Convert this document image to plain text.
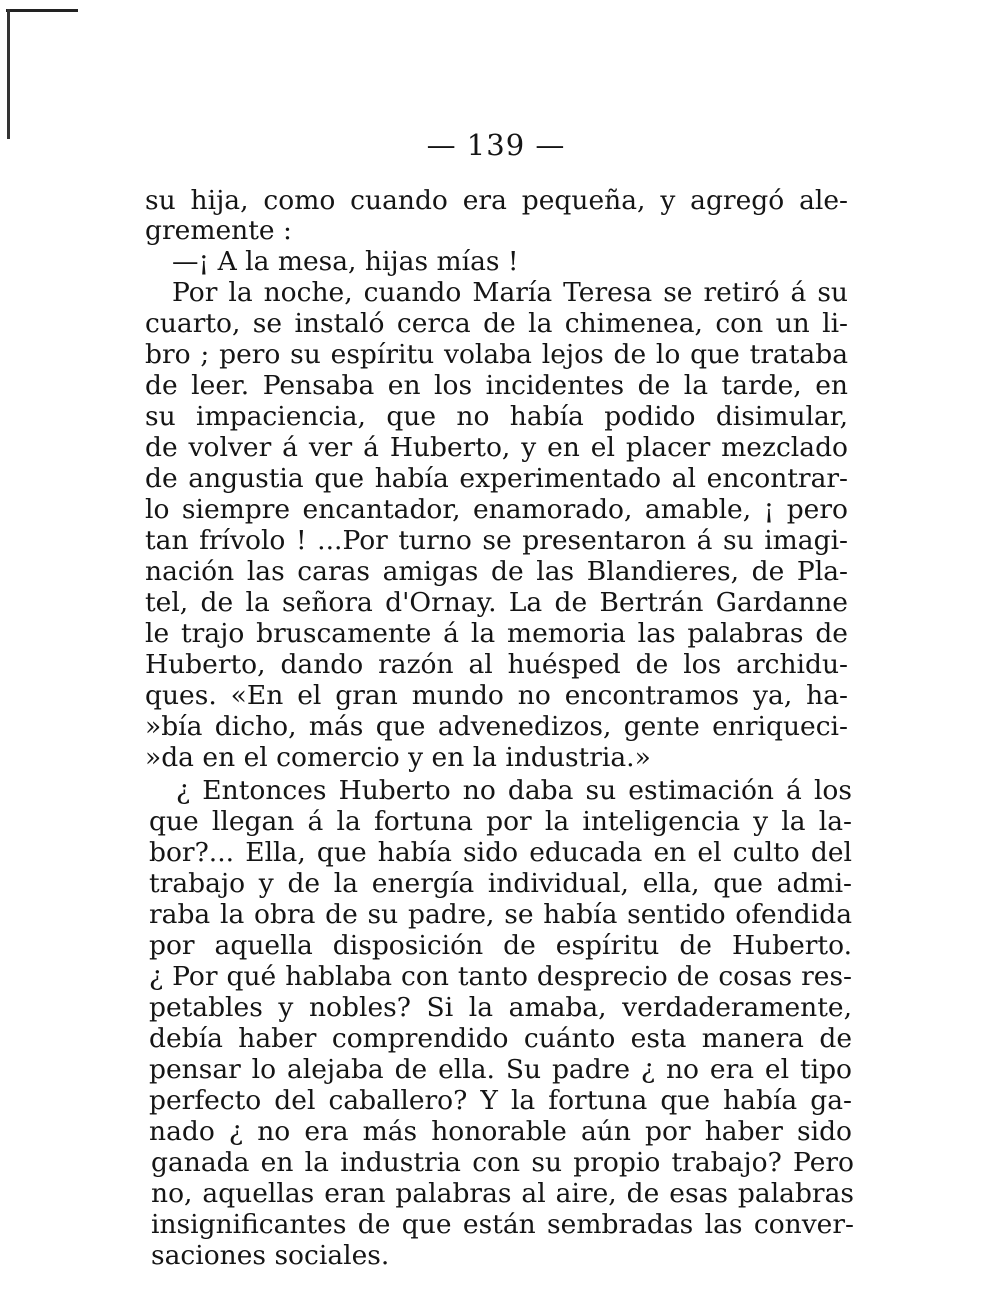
— 139 —
su hija, como cuando era pequeña, y agregó ale-
gremente :
—¡ A la mesa, hijas mías !
Por la noche, cuando María Teresa se retiró á su
cuarto, se instaló cerca de la chimenea, con un li-
bro ; pero su espíritu volaba lejos de lo que trataba
de leer. Pensaba en los incidentes de la tarde, en
su impaciencia, que no había podido disimular,
de volver á ver á Huberto, y en el placer mezclado
de angustia que había experimentado al encontrar-
lo siempre encantador, enamorado, amable, ¡ pero
tan frívolo ! ...Por turno se presentaron á su imagi-
nación las caras amigas de las Blandieres, de Pla-
tel, de la señora d'Ornay. La de Bertrán Gardanne
le trajo bruscamente á la memoria las palabras de
Huberto, dando razón al huésped de los archidu-
ques. «En el gran mundo no encontramos ya, ha-
»bía dicho, más que advenedizos, gente enriqueci-
»da en el comercio y en la industria.»
¿ Entonces Huberto no daba su estimación á los
que llegan á la fortuna por la inteligencia y la la-
bor?... Ella, que había sido educada en el culto del
trabajo y de la energía individual, ella, que admi-
raba la obra de su padre, se había sentido ofendida
por aquella disposición de espíritu de Huberto.
¿ Por qué hablaba con tanto desprecio de cosas res-
petables y nobles? Si la amaba, verdaderamente,
debía haber comprendido cuánto esta manera de
pensar lo alejaba de ella. Su padre ¿ no era el tipo
perfecto del caballero? Y la fortuna que había ga-
nado ¿ no era más honorable aún por haber sido
ganada en la industria con su propio trabajo? Pero
no, aquellas eran palabras al aire, de esas palabras
insignificantes de que están sembradas las conver-
saciones sociales.
